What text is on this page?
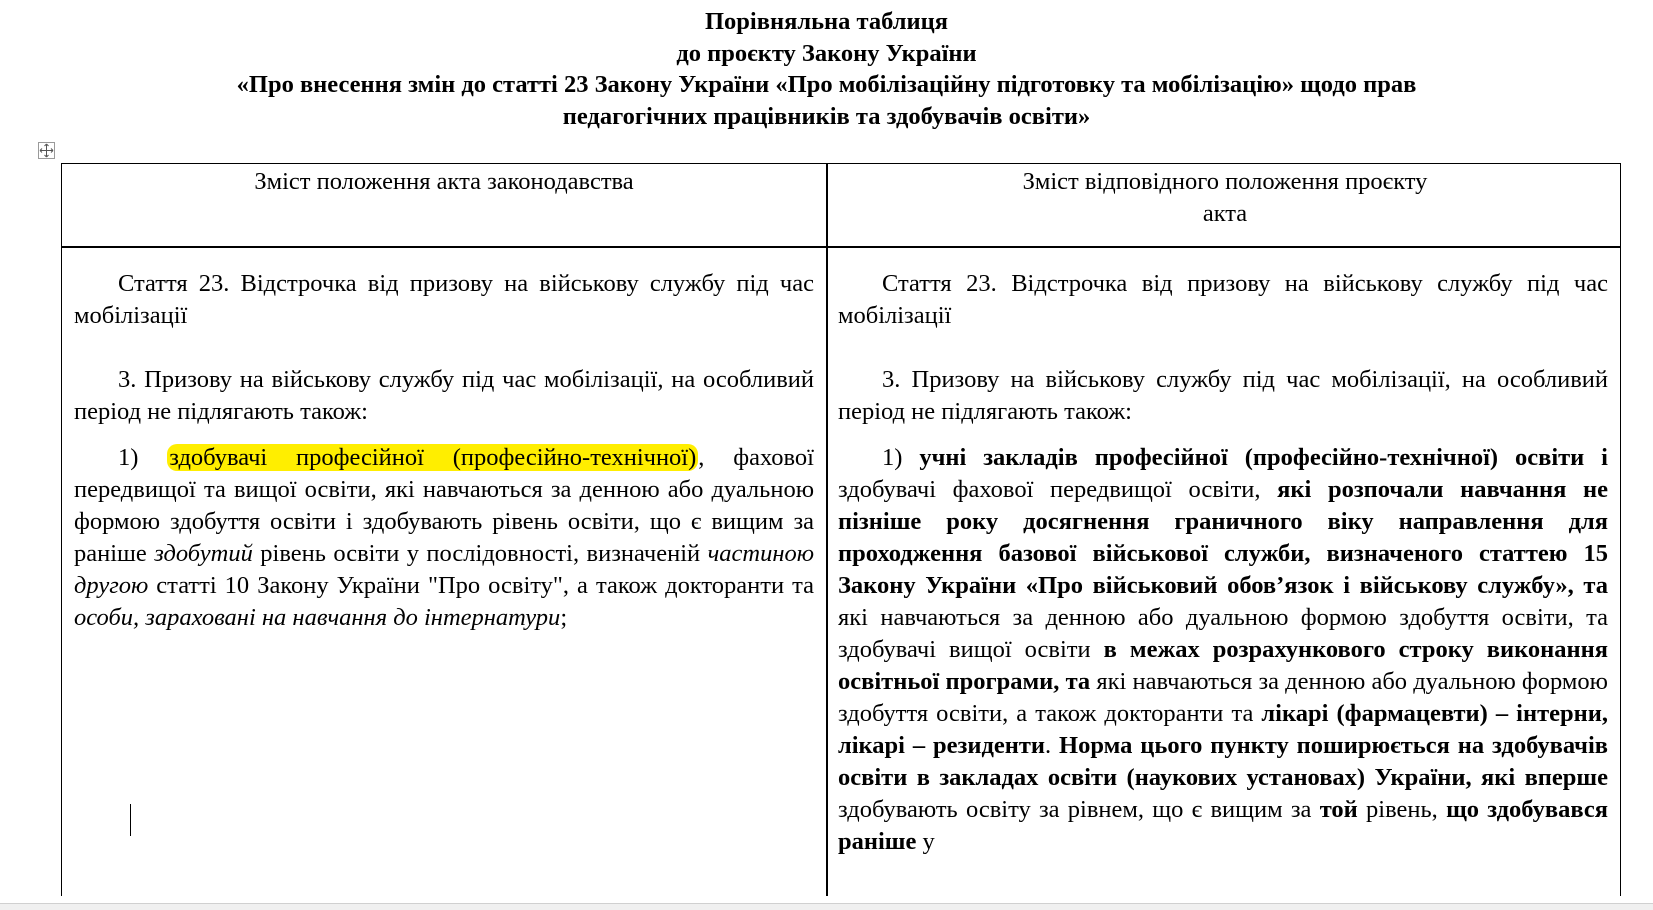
Порівняльна таблиця
до проєкту Закону України
«Про внесення змін до статті 23 Закону України «Про мобілізаційну підготовку та мобілізацію» щодо прав
педагогічних працівників та здобувачів освіти»
Зміст положення акта законодавства	Зміст відповідного положення проєкту
акта

Стаття 23. Відстрочка від призову на військову службу під час мобілізації

3. Призову на військову службу під час мобілізації, на особливий період не підлягають також:

1) здобувачі професійної (професійно-технічної), фахової передвищої та вищої освіти, які навчаються за денною або дуальною формою здобуття освіти і здобувають рівень освіти, що є вищим за раніше здобутий рівень освіти у послідовності, визначеній частиною другою статті 10 Закону України "Про освіту", а також докторанти та особи, зараховані на навчання до інтернатури;

Стаття 23. Відстрочка від призову на військову службу під час мобілізації

3. Призову на військову службу під час мобілізації, на особливий період не підлягають також:

1) учні закладів професійної (професійно-технічної) освіти і здобувачі фахової передвищої освіти, які розпочали навчання не пізніше року досягнення граничного віку направлення для проходження базової військової служби, визначеного статтею 15 Закону України «Про військовий обов’язок і військову службу», та які навчаються за денною або дуальною формою здобуття освіти, та здобувачі вищої освіти в межах розрахункового строку виконання освітньої програми, та які навчаються за денною або дуальною формою здобуття освіти, а також докторанти та лікарі (фармацевти) – інтерни, лікарі – резиденти. Норма цього пункту поширюється на здобувачів освіти в закладах освіти (наукових установах) України, які вперше здобувають освіту за рівнем, що є вищим за той рівень, що здобувався раніше у
